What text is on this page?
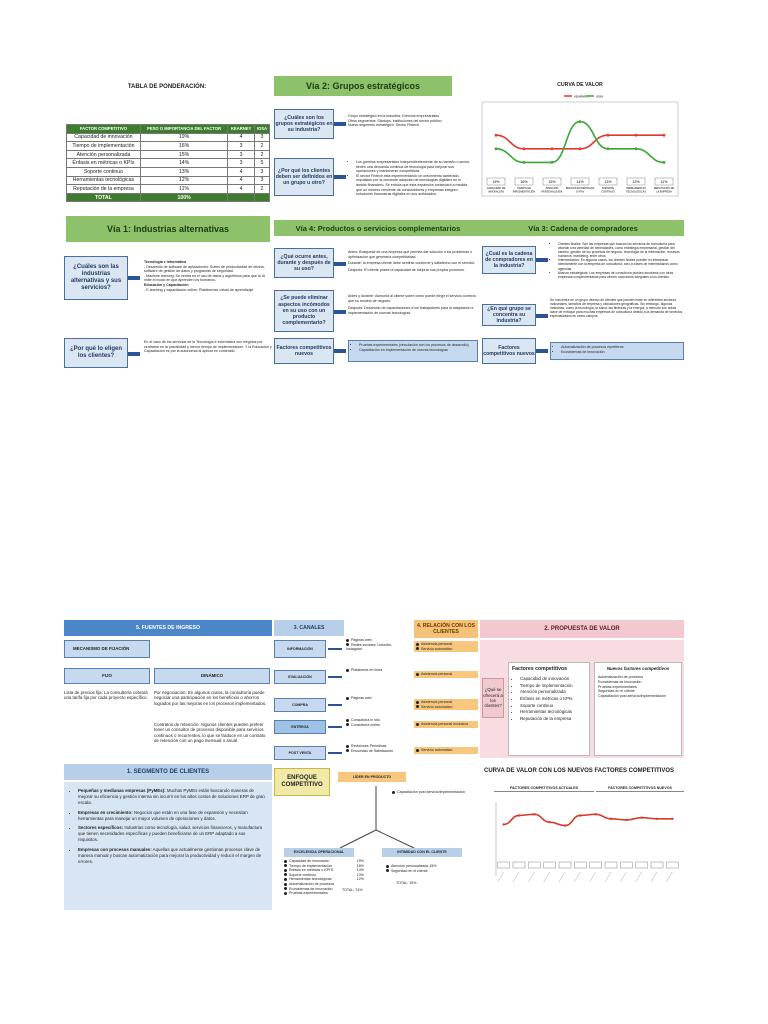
TABLA DE PONDERACIÓN:
FACTOR COMPETITIVO	PESO O IMPORTANCIA DEL FACTOR	KEARNEY	IOSA
Capacidad de innovación	19%	4	3
Tiempo de implementación	16%	3	2
Atención personalizada	15%	3	2
Énfasis en métricas o KPIs	14%	3	5
Soporte continuo	13%	4	3
Herramientas tecnológicas	12%	4	3
Reputación de la empresa	11%	4	2
TOTAL	100%		
Vía 2: Grupos estratégicos
¿Cuáles son los grupos estratégicos en su industria?
Grupo estratégico en la industria: Gremios empresariales
Otros segmentos: Startups, instituciones del sector público
Nuevo segmento estratégico: Sector Fintech
¿Por qué los clientes deben ser definidos en un grupo u otro?
• Los gremios empresariales independientemente de su tamaño o sector, tienen una demanda continua de tecnología para mejorar sus operaciones y mantenerse competitivas.
• El sector Fintech está experimentando un crecimiento acelerado, impulsado por la creciente adopción de tecnologías digitales en el ámbito financiero. Se enfoca que esta expansión continuará a medida que un número creciente de consumidores y empresas integren soluciones financieras digitales en sus actividades.
CURVA DE VALOR
KEARNEY	IOSA
19%
CAPACIDAD DE
INNOVACIÓN
16%
TIEMPO DE
IMPLEMENTACIÓN
15%
ATENCIÓN
PERSONALIZADA
14%
ÉNFASIS EN MÉTRICAS
O KPIs
13%
SOPORTE
CONTINUO
12%
HERRAMIENTAS
TECNOLÓGICAS
11%
REPUTACIÓN DE
LA EMPRESA
Vía 1: Industrias alternativas
¿Cuáles son las industrias alternativas y sus servicios?
Tecnología e Informática
- Desarrollo de software de aplicaciones: Suites de productividad de oficina, software de gestión de datos y programas de seguridad.
- Machine learning: Se centra en el uso de datos y algoritmos para que la IA imite el modo en que aprenden los humanos.
Educación y Capacitación
- E-learning y capacitación online: Plataformas virtual de aprendizaje.
¿Por qué lo eligen los clientes?
En el caso de los servicios de la Tecnología e Informática son elegidos por centrarse en la practicidad y menor tiempo de implementación. Y la Educación y Capacitación es por la autonomía al aplicar en contenido.
Vía 4: Productos o servicios complementarios
¿Qué ocurre antes, durante y después de su uso?
Antes: Búsqueda de una empresa que permita dar solución a los problemas o optimización que generaría competitividad.
Durante: la empresa cliente debe sentirse conforme y satisfecho con el servicio.
Después: El cliente posee la capacidad de mejorar sus propios procesos.
¿Se puede eliminar aspectos incómodos en su uso con un producto complementario?
Antes y durante: Asesoría al cliente sobre cómo puede elegir el servicio correcto que su modelo de negocio.
Después: Desarrollo de capacitaciones a los trabajadores para la adaptación e implementación de nuevas tecnologías.
Factores competitivos nuevos
• Pruebas experimentales (vinculación con los procesos de desarrollo)
• Capacitación en implementación de nuevas tecnologías
Vía 3: Cadena de compradores
¿Cuál es la cadena de compradores en la industria?
• Clientes finales: Son las empresas que buscan los servicios de consultoría para abordar una variedad de necesidades, como estrategia empresarial, gestión del cambio, gestión de los procesos de negocio, tecnología de la información, recursos humanos, marketing, entre otros.
• Intermediarios: En algunos casos, los clientes finales pueden no interactuar directamente con la empresa de consultoría, sino a través de intermediarios como agencias.
• Alianza estratégicas: Los empresas de consultoría pueden asociarse con otras empresas complementarias para ofrecer soluciones integrales a los clientes.
¿En qué grupo se concentra su industria?
Se concentra en un grupo diverso de clientes que pueden estar en diferentes sectores industriales, tamaños de empresa y ubicaciones geográficas. Sin embargo, algunas industrias, como la tecnología, la salud, las finanzas y la energía, a menudo son áreas clave de enfoque para muchas empresas de consultoría debido a la demanda de servicios especializados en estos campos.
Factores competitivos nuevos
• Automatización de procesos repetitivos
• Ecosistemas de innovación
5. FUENTES DE INGRESO
MECANISMO DE FIJACIÓN
FIJO	DINÁMICO
Lista de precios fija: La consultoría cobrará una tarifa fija por cada proyecto específico.
Por negociación: En algunos casos, la consultoría puede negociar una participación en los beneficios o ahorros logrados por las mejoras en los procesos implementados.
Contratos de retención: Algunos clientes pueden preferir tener un consultor de procesos disponible para servicios continuos o recurrentes, lo que se traduce en un contrato de retención con un pago mensual o anual.
3. CANALES
INFORMACIÓN
Páginas web
Redes sociales: LinkedIn, Instagram.
EVALUACIÓN
Plataforma en línea
COMPRA
Páginas web
ENTREGA
Consultoría in situ
Consultoría online
POST VENTA
Revisiones Periódicas
Encuestas de Satisfacción
4. RELACIÓN CON LOS CLIENTES
Asistencia personal
Servicio automático
Asistencia personal
Asistencia personal
Servicio automático
Asistencia personal exclusiva
Servicio automático
2. PROPUESTA DE VALOR
¿Qué se ofrecerá a los clientes?
Factores competitivos
• Capacidad de innovación
• Tiempo de implementación
• Atención personalizada
• Énfasis en métricas o KPIs
• Soporte continuo
• Herramientas tecnológicas
• Reputación de la empresa
Nuevos factores competitivos
Automatización de procesos
Ecosistemas de innovación
Pruebas experimentales
Seguridad en el cliente
Capacitación post servicio/implementación
1. SEGMENTO DE CLIENTES
• Pequeñas y medianas empresas (PyMEs): Muchas PyMEs están buscando maneras de mejorar su eficiencia y gestión interna sin incurrir en los altos costos de soluciones ERP de gran escala.
• Empresas en crecimiento: Negocios que están en una fase de expansión y necesitan herramientas para manejar un mayor volumen de operaciones y datos.
• Sectores específicos: Industrias como tecnología, salud, servicios financieros, y manufactura que tienen necesidades específicas y pueden beneficiarse de un ERP adaptado a sus requisitos.
• Empresas con procesos manuales: Aquellas que actualmente gestionan procesos clave de manera manual y buscan automatización para mejorar la productividad y reducir el margen de errores.
ENFOQUE COMPETITIVO
LÍDER EN PRODUCTO
Capacitación post servicio/implementación
EXCELENCIA OPERACIONAL
Capacidad de innovación	19%
Tiempo de implementación	16%
Énfasis en métricas o KPI'S	14%
Soporte continuo	13%
Herramientas tecnológicas	12%
Automatización de procesos
Ecosistemas de innovación
Pruebas experimentales
TOTAL: 74%
INTIMIDAD CON EL CLIENTE
Atención personalizada 15%
Seguridad en el cliente
TOTAL: 15%
CURVA DE VALOR CON LOS NUEVOS FACTORES COMPETITIVOS
FACTORES COMPETITIVOS ACTUALES	FACTORES COMPETITIVOS NUEVOS
